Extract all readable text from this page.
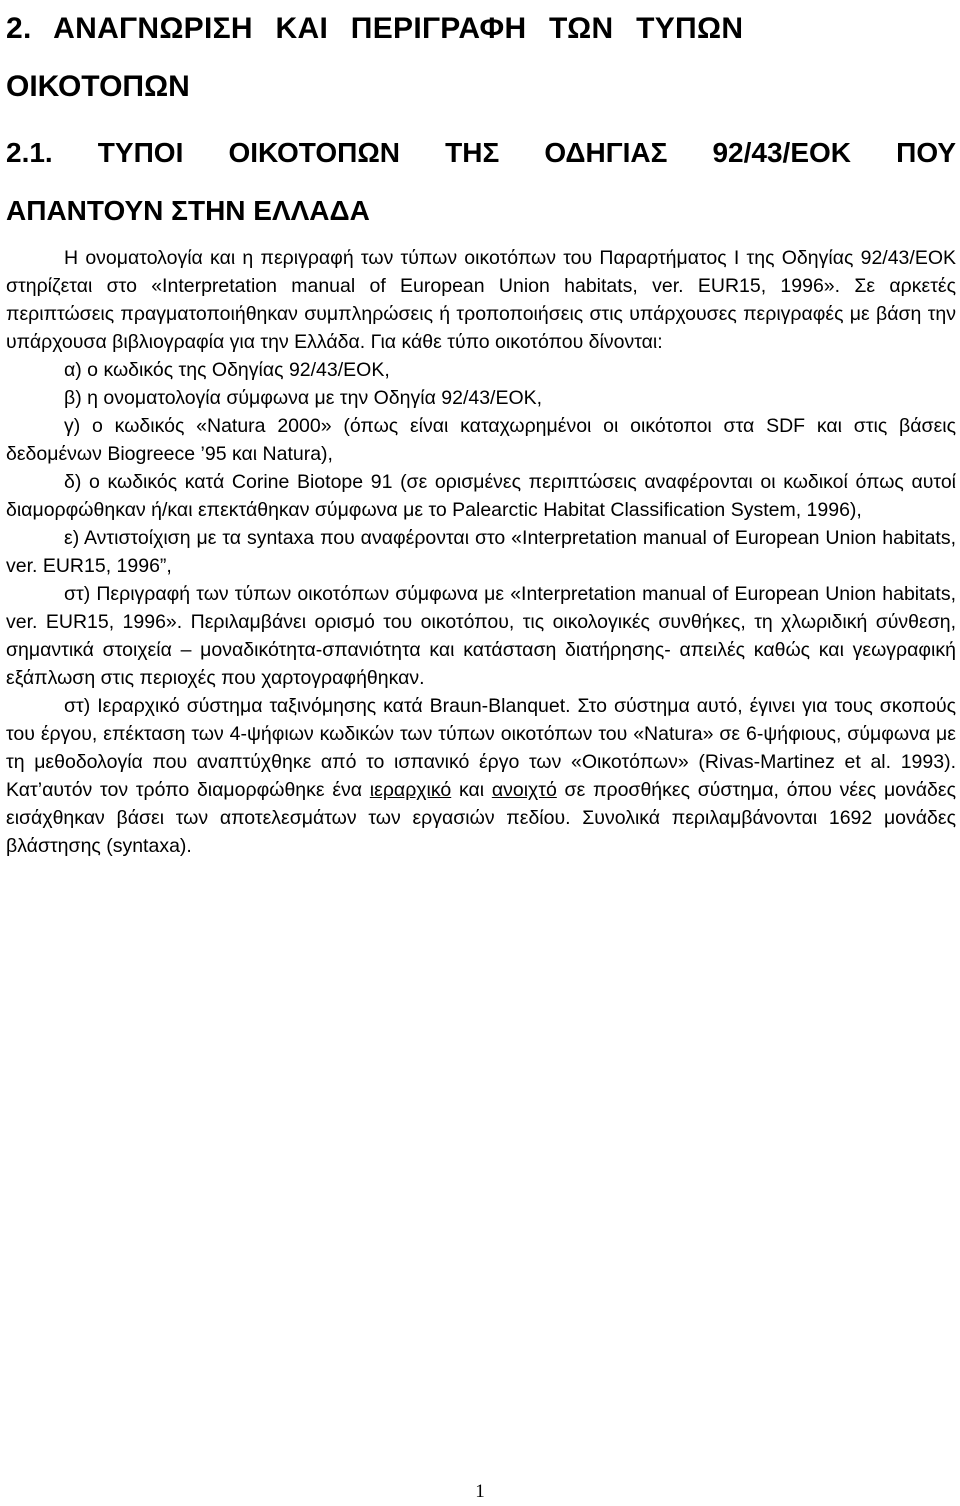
2. ΑΝΑΓΝΩΡΙΣΗ ΚΑΙ ΠΕΡΙΓΡΑΦΗ ΤΩΝ ΤΥΠΩΝ
ΟΙΚΟΤΟΠΩΝ
2.1. ΤΥΠΟΙ ΟΙΚΟΤΟΠΩΝ ΤΗΣ ΟΔΗΓΙΑΣ 92/43/ΕΟΚ ΠΟΥ
ΑΠΑΝΤΟΥΝ ΣΤΗΝ ΕΛΛΑΔΑ

Η ονοματολογία και η περιγραφή των τύπων οικοτόπων του Παραρτήματος Ι της Οδηγίας 92/43/ΕΟΚ στηρίζεται στο «Interpretation manual of European Union habitats, ver. EUR15, 1996». Σε αρκετές περιπτώσεις πραγματοποιήθηκαν συμπληρώσεις ή τροποποιήσεις στις υπάρχουσες περιγραφές με βάση την υπάρχουσα βιβλιογραφία για την Ελλάδα. Για κάθε τύπο οικοτόπου δίνονται:

α) ο κωδικός της Οδηγίας 92/43/ΕΟΚ,

β) η ονοματολογία σύμφωνα με την Οδηγία 92/43/ΕΟΚ,

γ) ο κωδικός «Natura 2000» (όπως είναι καταχωρημένοι οι οικότοποι στα SDF και στις βάσεις δεδομένων Biogreece ’95 και Natura),

δ) ο κωδικός κατά Corine Biotope 91 (σε ορισμένες περιπτώσεις αναφέρονται οι κωδικοί όπως αυτοί διαμορφώθηκαν ή/και επεκτάθηκαν σύμφωνα με το Palearctic Habitat Classification System, 1996),

ε) Αντιστοίχιση με τα syntaxa που αναφέρονται στο «Interpretation manual of European Union habitats, ver. EUR15, 1996”,

στ) Περιγραφή των τύπων οικοτόπων σύμφωνα με «Interpretation manual of European Union habitats, ver. EUR15, 1996». Περιλαμβάνει ορισμό του οικοτόπου, τις οικολογικές συνθήκες, τη χλωριδική σύνθεση, σημαντικά στοιχεία – μοναδικότητα-σπανιότητα και κατάσταση διατήρησης- απειλές καθώς και γεωγραφική εξάπλωση στις περιοχές που χαρτογραφήθηκαν.

στ) Ιεραρχικό σύστημα ταξινόμησης κατά Braun-Blanquet. Στο σύστημα αυτό, έγινει για τους σκοπούς του έργου, επέκταση των 4-ψήφιων κωδικών των τύπων οικοτόπων του «Natura» σε 6-ψήφιους, σύμφωνα με τη μεθοδολογία που αναπτύχθηκε από το ισπανικό έργο των «Οικοτόπων» (Rivas-Martinez et al. 1993). Κατ’αυτόν τον τρόπο διαμορφώθηκε ένα ιεραρχικό και ανοιχτό σε προσθήκες σύστημα, όπου νέες μονάδες εισάχθηκαν βάσει των αποτελεσμάτων των εργασιών πεδίου. Συνολικά περιλαμβάνονται 1692 μονάδες βλάστησης (syntaxa).

1
